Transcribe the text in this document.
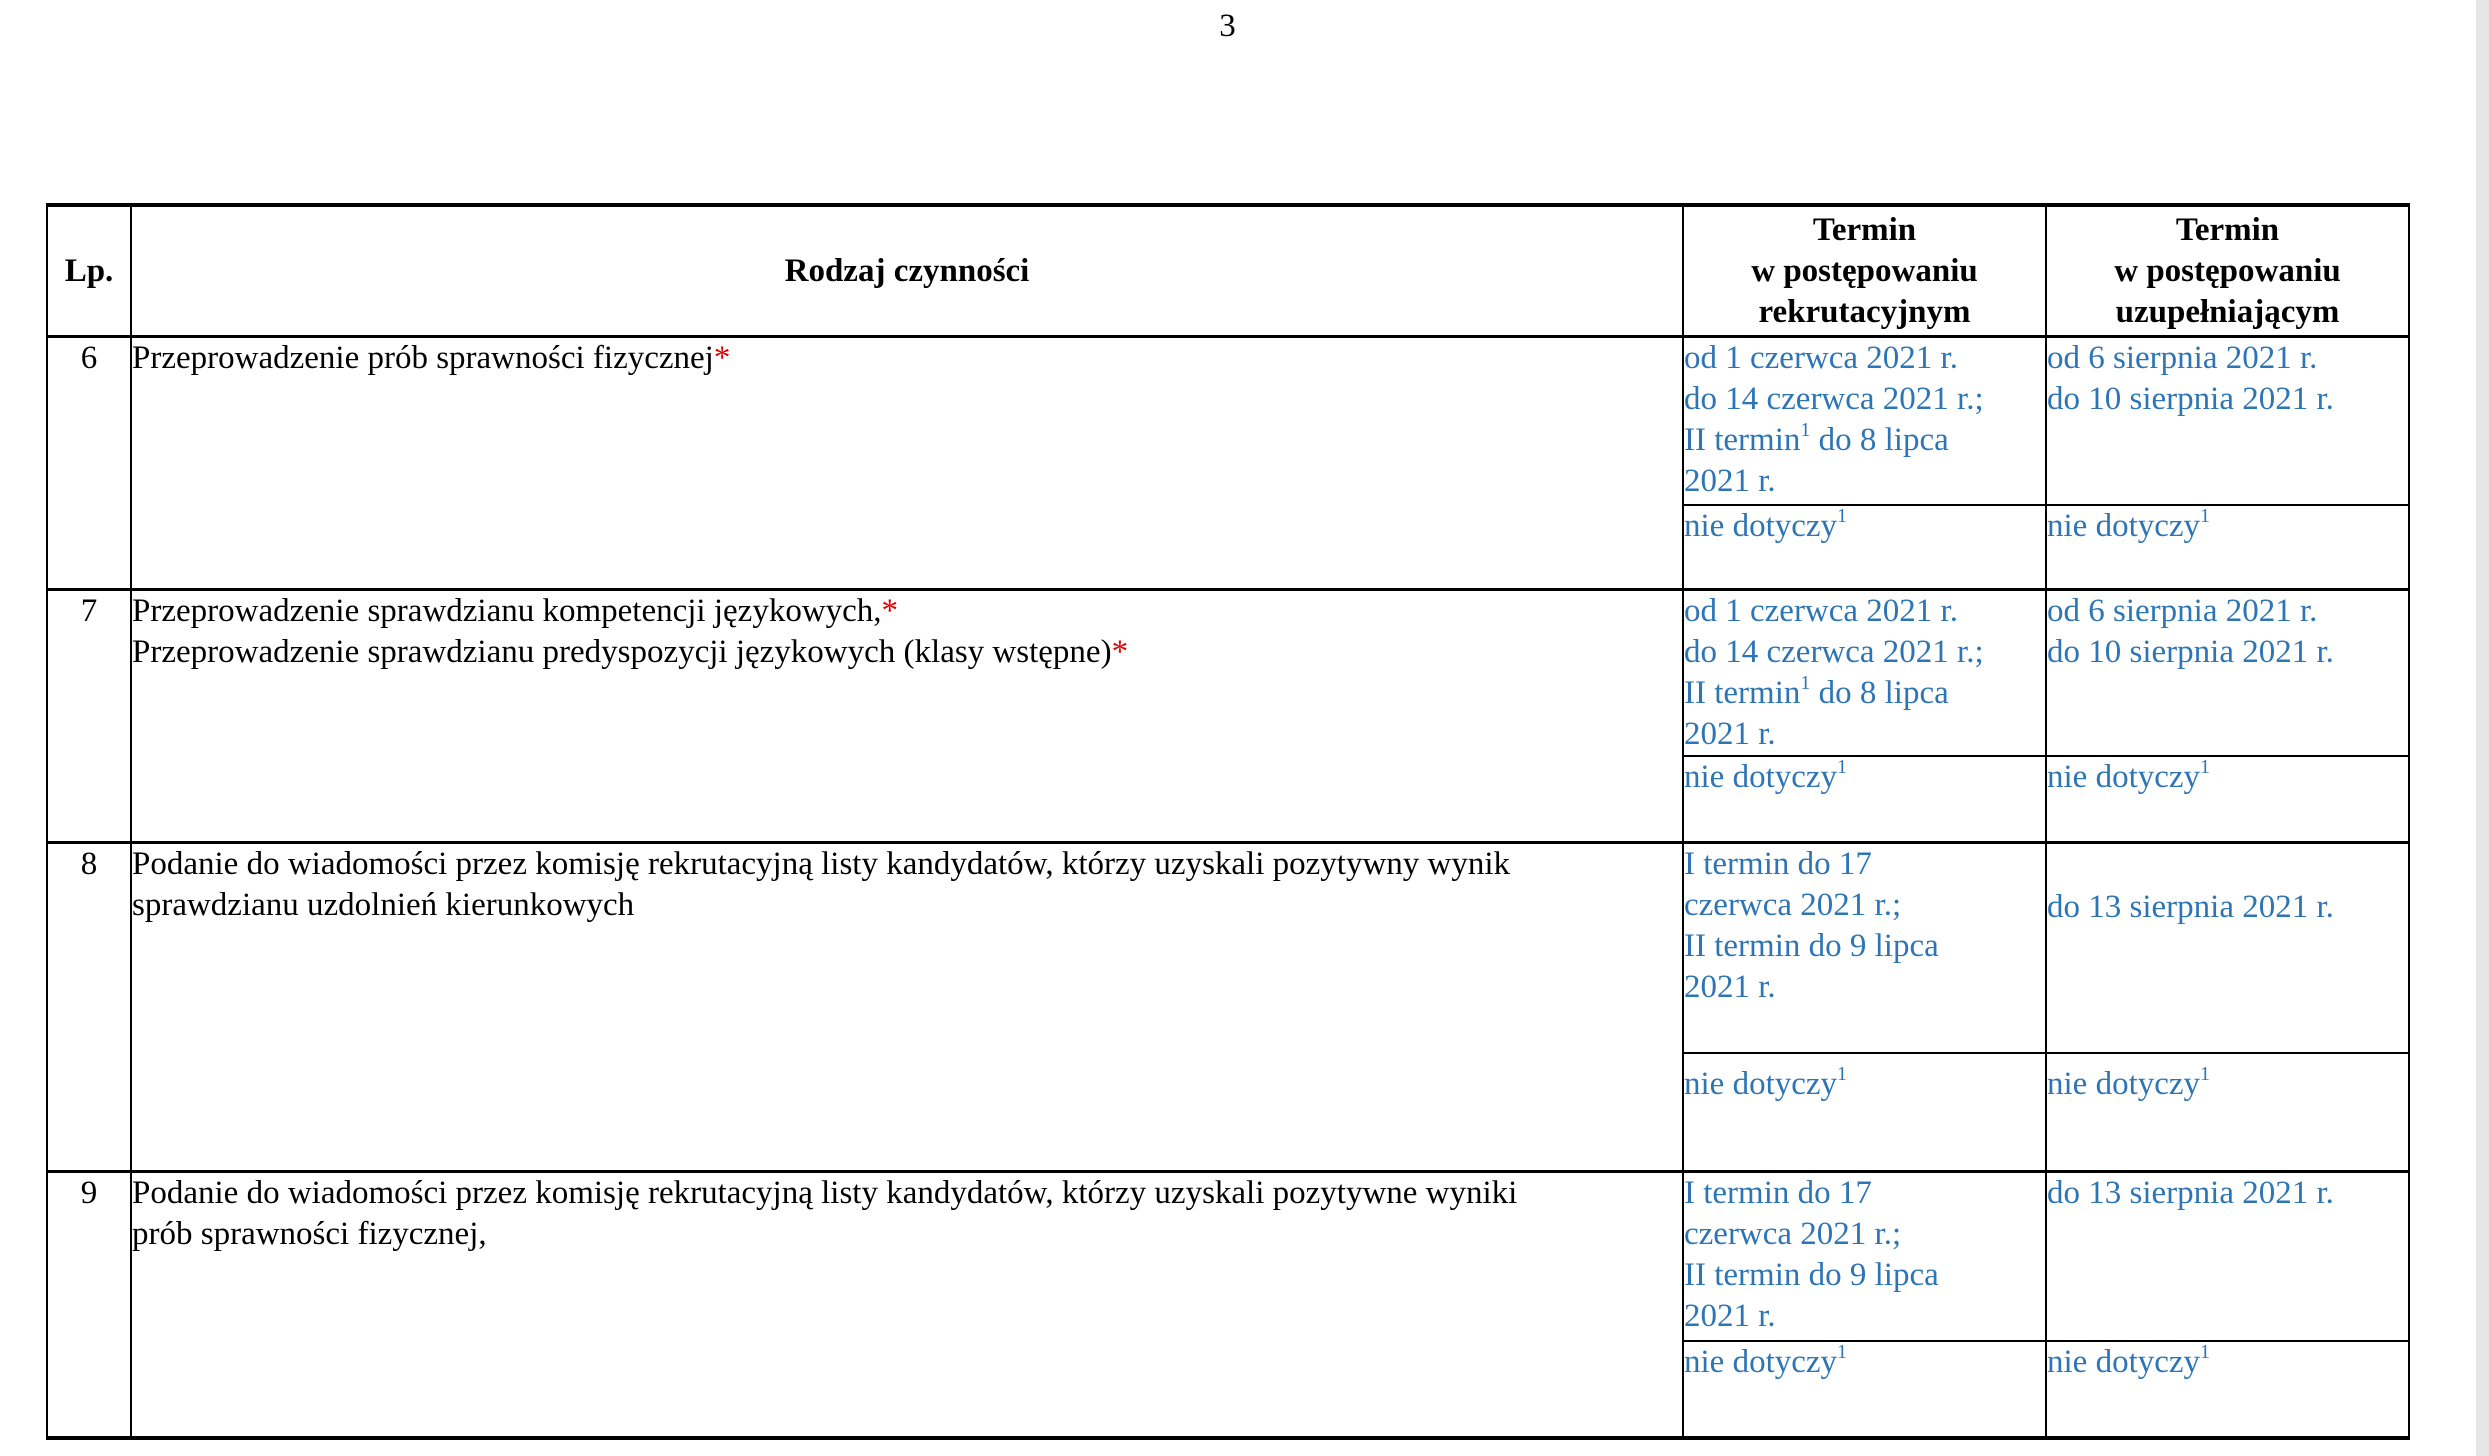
3
Lp.	Rodzaj czynności	Termin
w postępowaniu
rekrutacyjnym	Termin
w postępowaniu
uzupełniającym

6	Przeprowadzenie prób sprawności fizycznej*	od 1 czerwca 2021 r.
do 14 czerwca 2021 r.;
II termin$^1$ do 8 lipca
2021 r.	od 6 sierpnia 2021 r.
do 10 sierpnia 2021 r.

		nie dotyczy$^1$	nie dotyczy$^1$
7	Przeprowadzenie sprawdzianu kompetencji językowych,*
Przeprowadzenie sprawdzianu predyspozycji językowych (klasy wstępne)*	od 1 czerwca 2021 r.
do 14 czerwca 2021 r.;
II termin$^1$ do 8 lipca
2021 r.	od 6 sierpnia 2021 r.
do 10 sierpnia 2021 r.

		nie dotyczy$^1$	nie dotyczy$^1$
8	Podanie do wiadomości przez komisję rekrutacyjną listy kandydatów, którzy uzyskali pozytywny wynik
sprawdzianu uzdolnień kierunkowych	I termin do 17
czerwca 2021 r.;
II termin do 9 lipca
2021 r.	do 13 sierpnia 2021 r.

		nie dotyczy$^1$	nie dotyczy$^1$
9	Podanie do wiadomości przez komisję rekrutacyjną listy kandydatów, którzy uzyskali pozytywne wyniki
prób sprawności fizycznej,	I termin do 17
czerwca 2021 r.;
II termin do 9 lipca
2021 r.	do 13 sierpnia 2021 r.

		nie dotyczy$^1$	nie dotyczy$^1$
